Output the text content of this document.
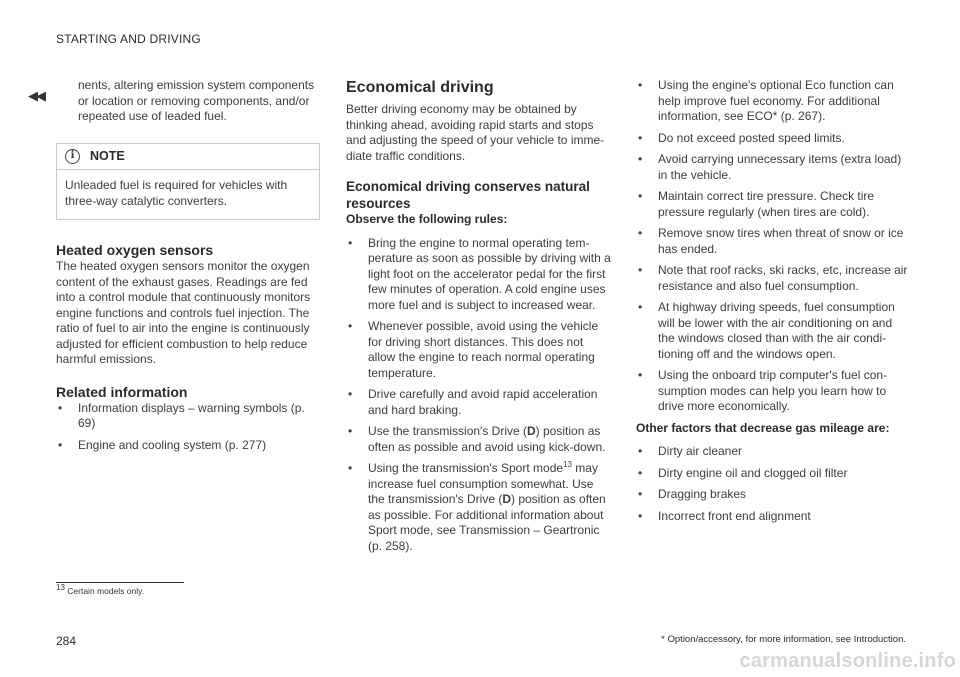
STARTING AND DRIVING
◀◀

nents, altering emission system components or location or removing components, and/or repeated use of leaded fuel.

i	NOTE
Unleaded fuel is required for vehicles with three-way catalytic converters.
Heated oxygen sensors

The heated oxygen sensors monitor the oxygen content of the exhaust gases. Readings are fed into a control module that continuously monitors engine functions and controls fuel injection. The ratio of fuel to air into the engine is continuously adjusted for efficient combustion to help reduce harmful emissions.

Related information
• Information displays – warning symbols (p. 69)
• Engine and cooling system (p. 277)
Economical driving

Better driving economy may be obtained by thinking ahead, avoiding rapid starts and stops and adjusting the speed of your vehicle to imme-diate traffic conditions.

Economical driving conserves natural resources

Observe the following rules:

• Bring the engine to normal operating tem-perature as soon as possible by driving with a light foot on the accelerator pedal for the first few minutes of operation. A cold engine uses more fuel and is subject to increased wear.
• Whenever possible, avoid using the vehicle for driving short distances. This does not allow the engine to reach normal operating temperature.
• Drive carefully and avoid rapid acceleration and hard braking.
• Use the transmission's Drive (D) position as often as possible and avoid using kick-down.
• Using the transmission's Sport mode$^{13}$ may increase fuel consumption somewhat. Use the transmission's Drive (D) position as often as possible. For additional information about Sport mode, see Transmission – Geartronic (p. 258).
• Using the engine's optional Eco function can help improve fuel economy. For additional information, see ECO* (p. 267).
• Do not exceed posted speed limits.
• Avoid carrying unnecessary items (extra load) in the vehicle.
• Maintain correct tire pressure. Check tire pressure regularly (when tires are cold).
• Remove snow tires when threat of snow or ice has ended.
• Note that roof racks, ski racks, etc, increase air resistance and also fuel consumption.
• At highway driving speeds, fuel consumption will be lower with the air conditioning on and the windows closed than with the air condi-tioning off and the windows open.
• Using the onboard trip computer's fuel con-sumption modes can help you learn how to drive more economically.

Other factors that decrease gas mileage are:

• Dirty air cleaner
• Dirty engine oil and clogged oil filter
• Dragging brakes
• Incorrect front end alignment
$^{13}$ Certain models only.
284	* Option/accessory, for more information, see Introduction.
carmanualsonline.info
